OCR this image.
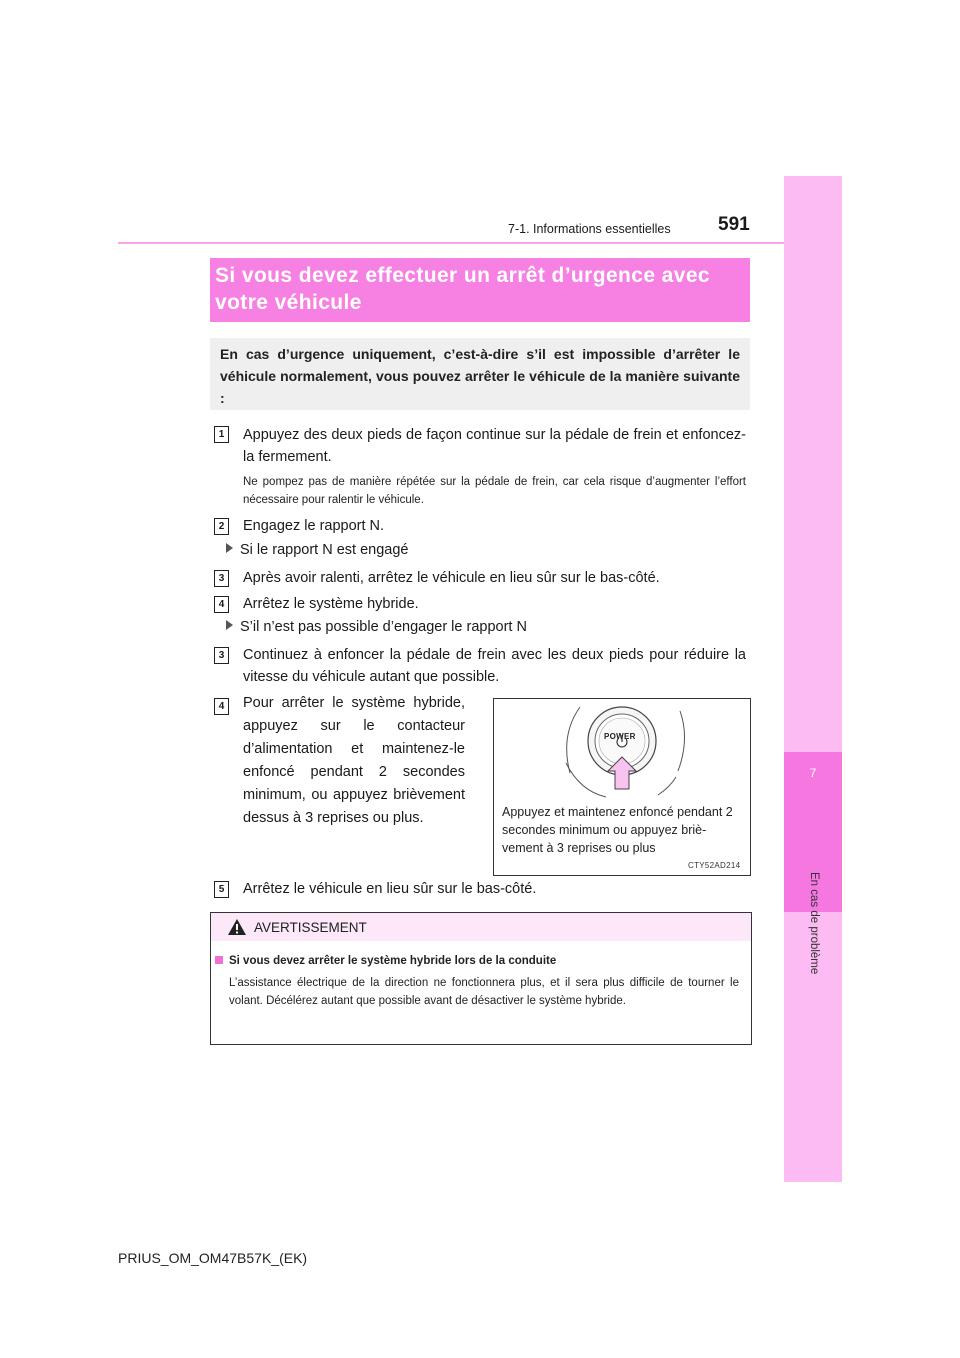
7-1. Informations essentielles 591
7
En cas de problème
Si vous devez effectuer un arrêt d’urgence avec votre véhicule
En cas d’urgence uniquement, c’est-à-dire s’il est impossible d’arrêter le véhicule normalement, vous pouvez arrêter le véhicule de la manière suivante :
1	Appuyez des deux pieds de façon continue sur la pédale de frein et enfoncez-la fermement.
Ne pompez pas de manière répétée sur la pédale de frein, car cela risque d’augmenter l’effort nécessaire pour ralentir le véhicule.
2	Engagez le rapport N.
Si le rapport N est engagé
3	Après avoir ralenti, arrêtez le véhicule en lieu sûr sur le bas-côté.
4	Arrêtez le système hybride.
S’il n’est pas possible d’engager le rapport N
3	Continuez à enfoncer la pédale de frein avec les deux pieds pour réduire la vitesse du véhicule autant que possible.
4	Pour arrêter le système hybride, appuyez sur le contacteur d’alimentation et maintenez-le enfoncé pendant 2 secondes minimum, ou appuyez brièvement dessus à 3 reprises ou plus.
POWER
Appuyez et maintenez enfoncé pendant 2 secondes minimum ou appuyez briè-vement à 3 reprises ou plus
CTY52AD214
5	Arrêtez le véhicule en lieu sûr sur le bas-côté.
AVERTISSEMENT
Si vous devez arrêter le système hybride lors de la conduite
L’assistance électrique de la direction ne fonctionnera plus, et il sera plus difficile de tourner le volant. Décélérez autant que possible avant de désactiver le système hybride.
PRIUS_OM_OM47B57K_(EK)
